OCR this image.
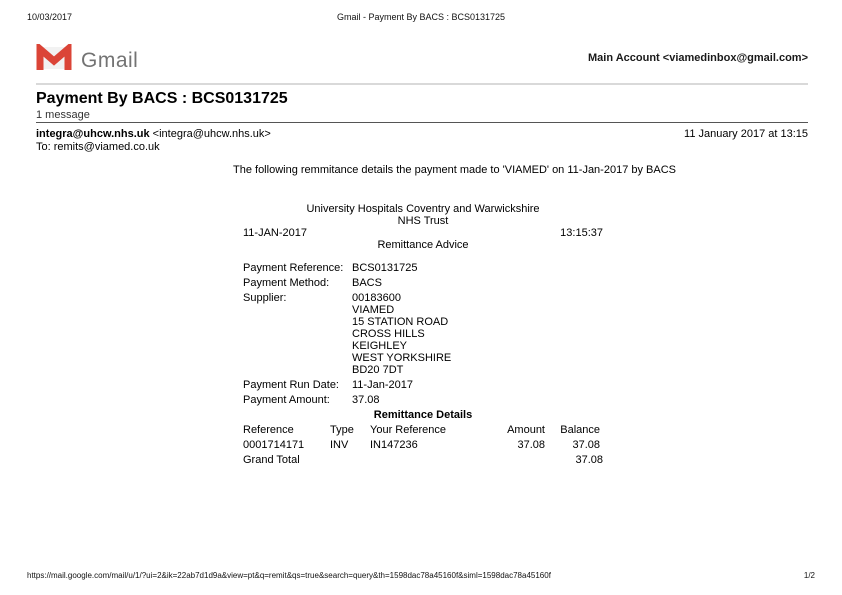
10/03/2017	Gmail - Payment By BACS : BCS0131725
Gmail	Main Account <viamedinbox@gmail.com>
Payment By BACS : BCS0131725
1 message
integra@uhcw.nhs.uk <integra@uhcw.nhs.uk>	11 January 2017 at 13:15
To: remits@viamed.co.uk
The following remmitance details the payment made to 'VIAMED' on 11-Jan-2017 by BACS
University Hospitals Coventry and Warwickshire
NHS Trust
11-JAN-2017	13:15:37
Remittance Advice
Payment Reference: BCS0131725
Payment Method:	BACS
Supplier:	00183600
VIAMED
15 STATION ROAD
CROSS HILLS
KEIGHLEY
WEST YORKSHIRE
BD20 7DT
Payment Run Date:	11-Jan-2017
Payment Amount:	37.08
Remittance Details
Reference	Type	Your Reference	Amount	Balance
0001714171	INV	IN147236	37.08	37.08
Grand Total	37.08
https://mail.google.com/mail/u/1/?ui=2&ik=22ab7d1d9a&view=pt&q=remit&qs=true&search=query&th=1598dac78a45160f&siml=1598dac78a45160f	1/2
